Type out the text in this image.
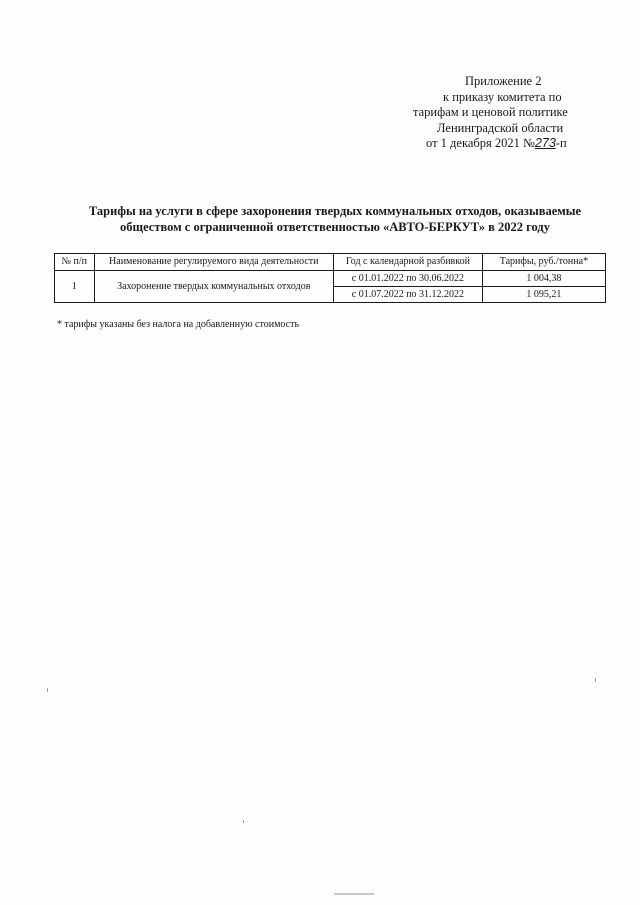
Приложение 2
к приказу комитета по
тарифам и ценовой политике
Ленинградской области
от 1 декабря 2021 №273-п
Тарифы на услуги в сфере захоронения твердых коммунальных отходов, оказываемые
обществом с ограниченной ответственностью «АВТО-БЕРКУТ» в 2022 году
№ п/п	Наименование регулируемого вида деятельности	Год с календарной разбивкой	Тарифы, руб./тонна*
1	Захоронение твердых коммунальных отходов	с 01.01.2022 по 30.06.2022	1 004,38
		с 01.07.2022 по 31.12.2022	1 095,21
* тарифы указаны без налога на добавленную стоимость
